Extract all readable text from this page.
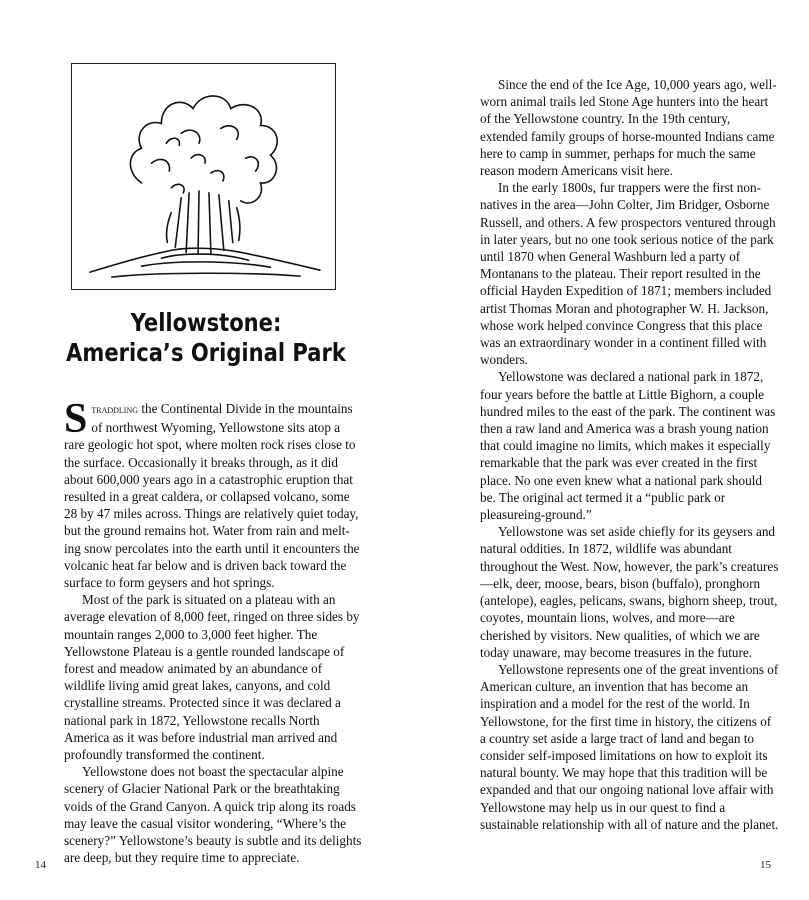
Yellowstone:
America’s Original Park

Straddling the Continental Divide in the mountains of northwest Wyoming, Yellowstone sits atop a rare geologic hot spot, where molten rock rises close to the surface. Occasionally it breaks through, as it did about 600,000 years ago in a catastrophic eruption that resulted in a great caldera, or collapsed volcano, some 28 by 47 miles across. Things are relatively quiet today, but the ground remains hot. Water from rain and melting snow percolates into the earth until it encounters the volcanic heat far below and is driven back toward the surface to form geysers and hot springs.

Most of the park is situated on a plateau with an average elevation of 8,000 feet, ringed on three sides by mountain ranges 2,000 to 3,000 feet higher. The Yellowstone Plateau is a gentle rounded landscape of forest and meadow animated by an abundance of wildlife living amid great lakes, canyons, and cold crystalline streams. Protected since it was declared a national park in 1872, Yellowstone recalls North America as it was before industrial man arrived and profoundly transformed the continent.

Yellowstone does not boast the spectacular alpine scenery of Glacier National Park or the breathtaking voids of the Grand Canyon. A quick trip along its roads may leave the casual visitor wondering, “Where’s the scenery?” Yellowstone’s beauty is subtle and its delights are deep, but they require time to appreciate.

Since the end of the Ice Age, 10,000 years ago, well-worn animal trails led Stone Age hunters into the heart of the Yellowstone country. In the 19th century, extended family groups of horse-mounted Indians came here to camp in summer, perhaps for much the same reason modern Americans visit here.

In the early 1800s, fur trappers were the first nonnatives in the area—John Colter, Jim Bridger, Osborne Russell, and others. A few prospectors ventured through in later years, but no one took serious notice of the park until 1870 when General Washburn led a party of Montanans to the plateau. Their report resulted in the official Hayden Expedition of 1871; members included artist Thomas Moran and photographer W. H. Jackson, whose work helped convince Congress that this place was an extraordinary wonder in a continent filled with wonders.

Yellowstone was declared a national park in 1872, four years before the battle at Little Bighorn, a couple hundred miles to the east of the park. The continent was then a raw land and America was a brash young nation that could imagine no limits, which makes it especially remarkable that the park was ever created in the first place. No one even knew what a national park should be. The original act termed it a “public park or pleasureing-ground.”

Yellowstone was set aside chiefly for its geysers and natural oddities. In 1872, wildlife was abundant throughout the West. Now, however, the park’s creatures—elk, deer, moose, bears, bison (buffalo), pronghorn (antelope), eagles, pelicans, swans, bighorn sheep, trout, coyotes, mountain lions, wolves, and more—are cherished by visitors. New qualities, of which we are today unaware, may become treasures in the future.

Yellowstone represents one of the great inventions of American culture, an invention that has become an inspiration and a model for the rest of the world. In Yellowstone, for the first time in history, the citizens of a country set aside a large tract of land and began to consider self-imposed limitations on how to exploit its natural bounty. We may hope that this tradition will be expanded and that our ongoing national love affair with Yellowstone may help us in our quest to find a sustainable relationship with all of nature and the planet.

14	15
